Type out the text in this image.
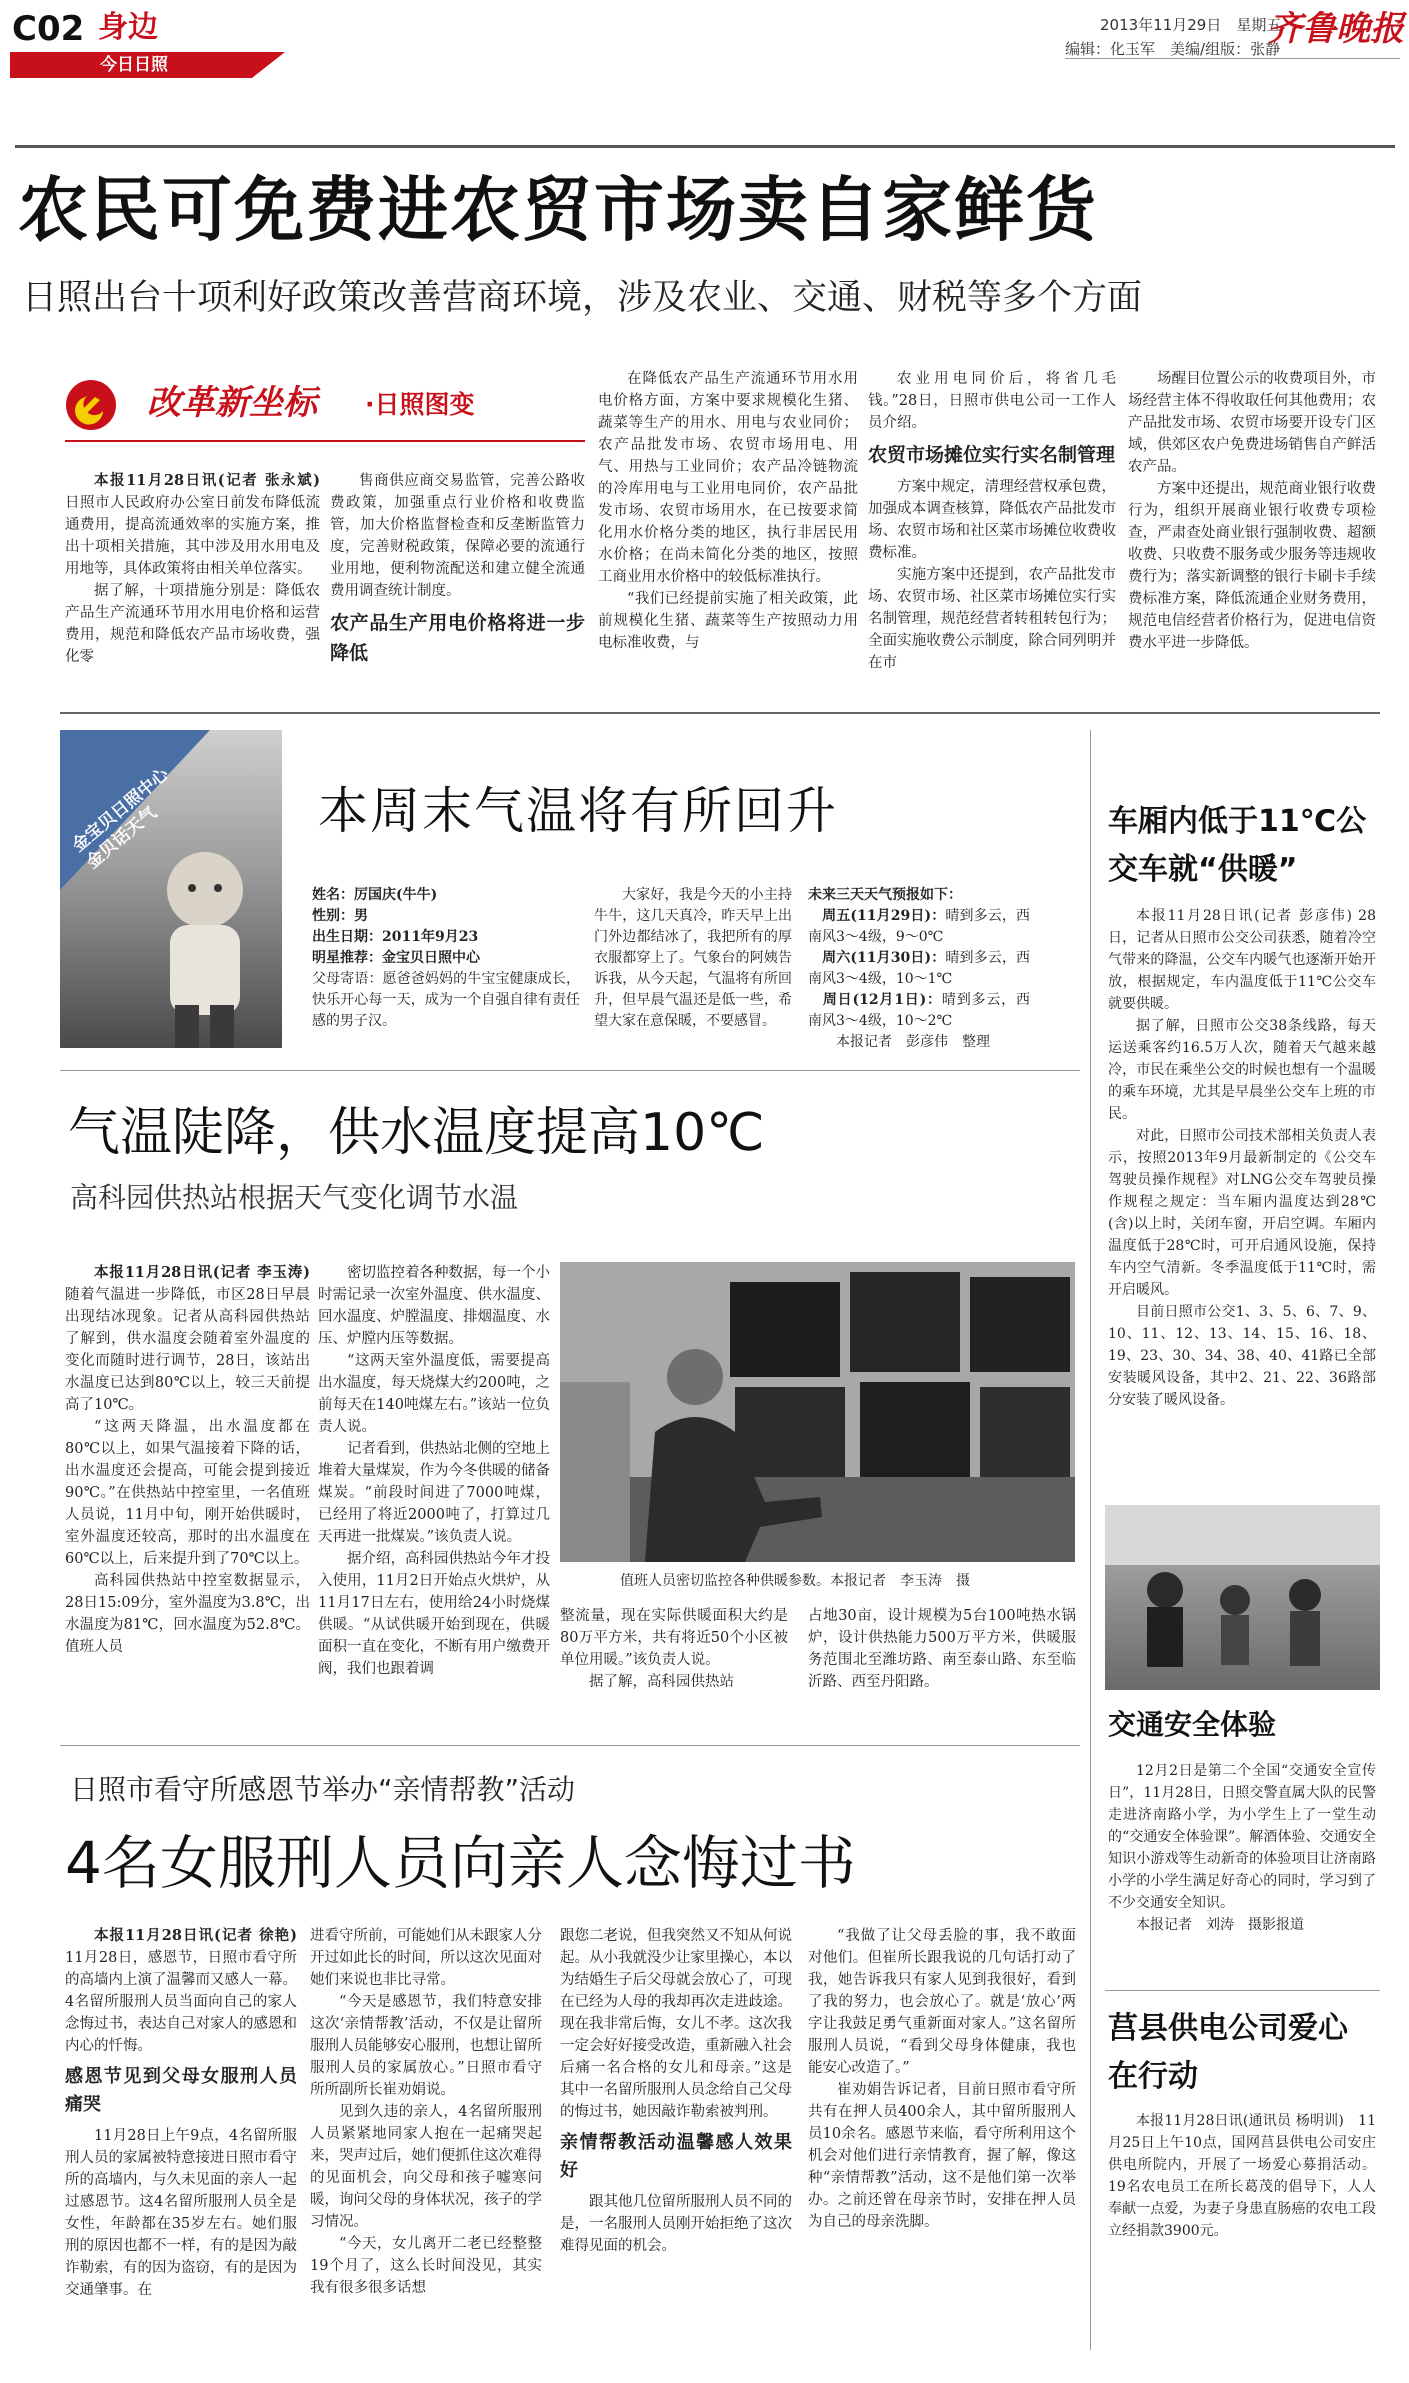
C02 身边
今日日照
2013年11月29日　 星期五
编辑：化玉军　 美编/组版：张静
齐鲁晚报
农民可免费进农贸市场卖自家鲜货
日照出台十项利好政策改善营商环境，涉及农业、交通、财税等多个方面
改革新坐标 ·日照图变

本报11月28日讯(记者 张永斌)　日照市人民政府办公室日前发布降低流通费用，提高流通效率的实施方案，推出十项相关措施，其中涉及用水用电及用地等，具体政策将由相关单位落实。

据了解，十项措施分别是：降低农产品生产流通环节用水用电价格和运营费用，规范和降低农产品市场收费，强化零

售商供应商交易监管，完善公路收费政策，加强重点行业价格和收费监管，加大价格监督检查和反垄断监管力度，完善财税政策，保障必要的流通行业用地，便利物流配送和建立健全流通费用调查统计制度。

农产品生产用电价格将进一步降低

在降低农产品生产流通环节用水用电价格方面，方案中要求规模化生猪、蔬菜等生产的用水、用电与农业同价；农产品批发市场、农贸市场用电、用气、用热与工业同价；农产品冷链物流的冷库用电与工业用电同价，农产品批发市场、农贸市场用水，在已按要求简化用水价格分类的地区，执行非居民用水价格；在尚未简化分类的地区，按照工商业用水价格中的较低标准执行。

“我们已经提前实施了相关政策，此前规模化生猪、蔬菜等生产按照动力用电标准收费，与

农业用电同价后，将省几毛钱。”28日，日照市供电公司一工作人员介绍。

农贸市场摊位实行实名制管理

方案中规定，清理经营权承包费，加强成本调查核算，降低农产品批发市场、农贸市场和社区菜市场摊位收费收费标准。

实施方案中还提到，农产品批发市场、农贸市场、社区菜市场摊位实行实名制管理，规范经营者转租转包行为；全面实施收费公示制度，除合同列明并在市

场醒目位置公示的收费项目外，市场经营主体不得收取任何其他费用；农产品批发市场、农贸市场要开设专门区域，供郊区农户免费进场销售自产鲜活农产品。

方案中还提出，规范商业银行收费行为，组织开展商业银行收费专项检查，严肃查处商业银行强制收费、超额收费、只收费不服务或少服务等违规收费行为；落实新调整的银行卡刷卡手续费标准方案，降低流通企业财务费用，规范电信经营者价格行为，促进电信资费水平进一步降低。

金宝贝日照中心 金贝话天气	本周末气温将有所回升
姓名：厉国庆(牛牛)
性别：男
出生日期：2011年9月23
明星推荐：金宝贝日照中心
父母寄语：愿爸爸妈妈的牛宝宝健康成长，快乐开心每一天，成为一个自强自律有责任感的男子汉。

大家好，我是今天的小主持牛牛，这几天真冷，昨天早上出门外边都结冰了，我把所有的厚衣服都穿上了。气象台的阿姨告诉我，从今天起，气温将有所回升，但早晨气温还是低一些，希望大家在意保暖，不要感冒。

未来三天天气预报如下：
　周五(11月29日)：晴到多云，西南风3～4级，9～0℃
　周六(11月30日)：晴到多云，西南风3～4级，10～1℃
　周日(12月1日)：晴到多云，西南风3～4级，10～2℃
本报记者　彭彦伟　整理
车厢内低于11℃公交车就“供暖”

本报11月28日讯(记者 彭彦伟) 28日，记者从日照市公交公司获悉，随着冷空气带来的降温，公交车内暖气也逐渐开始开放，根据规定，车内温度低于11℃公交车就要供暖。

据了解，日照市公交38条线路，每天运送乘客约16.5万人次，随着天气越来越冷，市民在乘坐公交的时候也想有一个温暖的乘车环境，尤其是早晨坐公交车上班的市民。

对此，日照市公司技术部相关负责人表示，按照2013年9月最新制定的《公交车驾驶员操作规程》对LNG公交车驾驶员操作规程之规定：当车厢内温度达到28℃(含)以上时，关闭车窗，开启空调。车厢内温度低于28℃时，可开启通风设施，保持车内空气清新。冬季温度低于11℃时，需开启暖风。

目前日照市公交1、3、5、6、7、9、10、11、12、13、14、15、16、18、19、23、30、34、38、40、41路已全部安装暖风设备，其中2、21、22、36路部分安装了暖风设备。

交通安全体验

12月2日是第二个全国“交通安全宣传日”，11月28日，日照交警直属大队的民警走进济南路小学，为小学生上了一堂生动的“交通安全体验课”。解酒体验、交通安全知识小游戏等生动新奇的体验项目让济南路小学的小学生满足好奇心的同时，学习到了不少交通安全知识。

本报记者　刘涛　摄影报道

莒县供电公司爱心在行动

本报11月28日讯(通讯员 杨明训)　11月25日上午10点，国网莒县供电公司安庄供电所院内，开展了一场爱心募捐活动。19名农电员工在所长葛茂的倡导下，人人奉献一点爱，为妻子身患直肠癌的农电工段立经捐款3900元。

气温陡降，供水温度提高10℃
高科园供热站根据天气变化调节水温

本报11月28日讯(记者 李玉涛)　随着气温进一步降低，市区28日早晨出现结冰现象。记者从高科园供热站了解到，供水温度会随着室外温度的变化而随时进行调节，28日，该站出水温度已达到80℃以上，较三天前提高了10℃。

“这两天降温，出水温度都在80℃以上，如果气温接着下降的话，出水温度还会提高，可能会提到接近90℃。”在供热站中控室里，一名值班人员说，11月中旬，刚开始供暖时，室外温度还较高，那时的出水温度在60℃以上，后来提升到了70℃以上。

高科园供热站中控室数据显示，28日15:09分，室外温度为3.8℃，出水温度为81℃，回水温度为52.8℃。值班人员

密切监控着各种数据，每一个小时需记录一次室外温度、供水温度、回水温度、炉膛温度、排烟温度、水压、炉膛内压等数据。

“这两天室外温度低，需要提高出水温度，每天烧煤大约200吨，之前每天在140吨煤左右。”该站一位负责人说。

记者看到，供热站北侧的空地上堆着大量煤炭，作为今冬供暖的储备煤炭。“前段时间进了7000吨煤，已经用了将近2000吨了，打算过几天再进一批煤炭。”该负责人说。

据介绍，高科园供热站今年才投入使用，11月2日开始点火烘炉，从11月17日左右，使用给24小时烧煤供暖。“从试供暖开始到现在，供暖面积一直在变化，不断有用户缴费开阀，我们也跟着调

值班人员密切监控各种供暖参数。本报记者　李玉涛　摄

整流量，现在实际供暖面积大约是80万平方米，共有将近50个小区被单位用暖。”该负责人说。

据了解，高科园供热站

占地30亩，设计规模为5台100吨热水锅炉，设计供热能力500万平方米，供暖服务范围北至潍坊路、南至泰山路、东至临沂路、西至丹阳路。

日照市看守所感恩节举办“亲情帮教”活动
4名女服刑人员向亲人念悔过书

本报11月28日讯(记者 徐艳)　11月28日，感恩节，日照市看守所的高墙内上演了温馨而又感人一幕。4名留所服刑人员当面向自己的家人念悔过书，表达自己对家人的感恩和内心的忏悔。

感恩节见到父母女服刑人员痛哭

11月28日上午9点，4名留所服刑人员的家属被特意接进日照市看守所的高墙内，与久未见面的亲人一起过感恩节。这4名留所服刑人员全是女性，年龄都在35岁左右。她们服刑的原因也都不一样，有的是因为敲诈勒索，有的因为盗窃，有的是因为交通肇事。在

进看守所前，可能她们从未跟家人分开过如此长的时间，所以这次见面对她们来说也非比寻常。

“今天是感恩节，我们特意安排这次‘亲情帮教’活动，不仅是让留所服刑人员能够安心服刑，也想让留所服刑人员的家属放心。”日照市看守所所副所长崔劝娟说。

见到久违的亲人，4名留所服刑人员紧紧地同家人抱在一起痛哭起来，哭声过后，她们便抓住这次难得的见面机会，向父母和孩子嘘寒问暖，询问父母的身体状况，孩子的学习情况。

“今天，女儿离开二老已经整整19个月了，这么长时间没见，其实我有很多很多话想

跟您二老说，但我突然又不知从何说起。从小我就没少让家里操心，本以为结婚生子后父母就会放心了，可现在已经为人母的我却再次走进歧途。现在我非常后悔，女儿不孝。这次我一定会好好接受改造，重新融入社会后痛一名合格的女儿和母亲。”这是其中一名留所服刑人员念给自己父母的悔过书，她因敲诈勒索被判刑。

亲情帮教活动温馨感人效果好

跟其他几位留所服刑人员不同的是，一名服刑人员刚开始拒绝了这次难得见面的机会。

“我做了让父母丢脸的事，我不敢面对他们。但崔所长跟我说的几句话打动了我，她告诉我只有家人见到我很好，看到了我的努力，也会放心了。就是‘放心’两字让我鼓足勇气重新面对家人。”这名留所服刑人员说，“看到父母身体健康，我也能安心改造了。”

崔劝娟告诉记者，目前日照市看守所共有在押人员400余人，其中留所服刑人员10余名。感恩节来临，看守所利用这个机会对他们进行亲情教育，握了解，像这种“亲情帮教”活动，这不是他们第一次举办。之前还曾在母亲节时，安排在押人员为自己的母亲洗脚。
